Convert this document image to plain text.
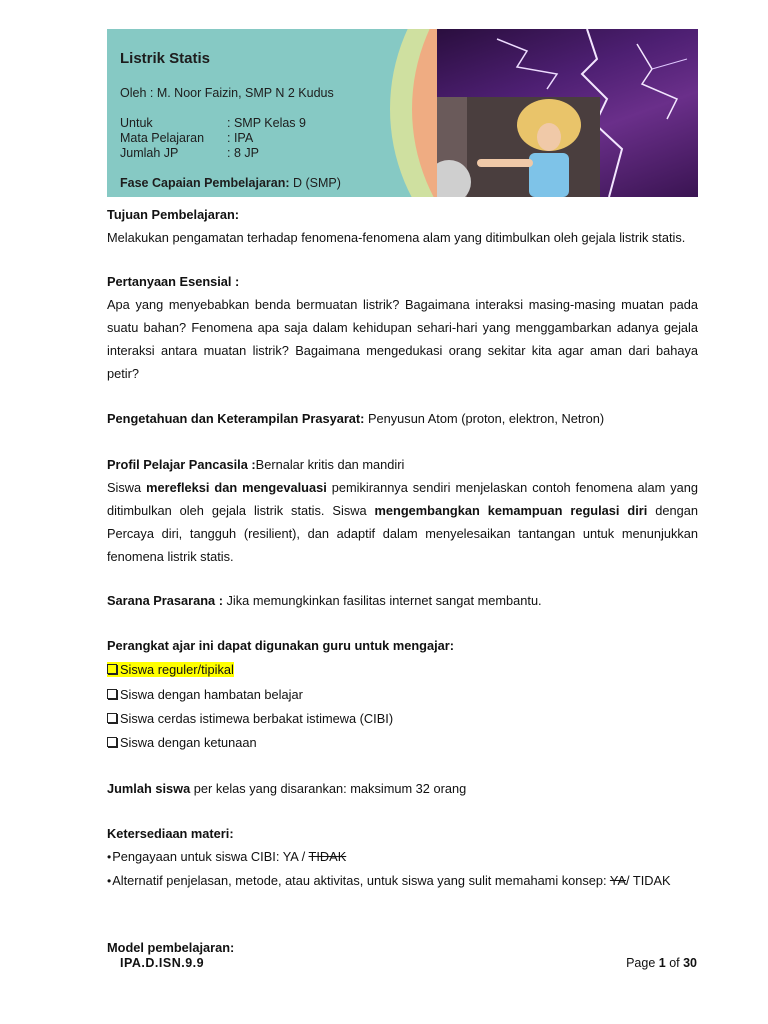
Listrik Statis
Oleh : M. Noor Faizin, SMP N 2 Kudus
Untuk	: SMP Kelas 9
Mata Pelajaran : IPA
Jumlah JP	: 8 JP
Fase Capaian Pembelajaran: D (SMP)
Tujuan Pembelajaran:
Melakukan pengamatan terhadap fenomena-fenomena alam yang ditimbulkan oleh gejala listrik statis.
Pertanyaan Esensial :
Apa yang menyebabkan benda bermuatan listrik? Bagaimana interaksi masing-masing muatan pada suatu bahan? Fenomena apa saja dalam kehidupan sehari-hari yang menggambarkan adanya gejala interaksi antara muatan listrik? Bagaimana mengedukasi orang sekitar kita agar aman dari bahaya petir?
Pengetahuan dan Keterampilan Prasyarat: Penyusun Atom (proton, elektron, Netron)
Profil Pelajar Pancasila :Bernalar kritis dan mandiri
Siswa merefleksi dan mengevaluasi pemikirannya sendiri menjelaskan contoh fenomena alam yang ditimbulkan oleh gejala listrik statis. Siswa mengembangkan kemampuan regulasi diri dengan Percaya diri, tangguh (resilient), dan adaptif dalam menyelesaikan tantangan untuk menunjukkan fenomena listrik statis.
Sarana Prasarana : Jika memungkinkan fasilitas internet sangat membantu.
Perangkat ajar ini dapat digunakan guru untuk mengajar:
Siswa reguler/tipikal
Siswa dengan hambatan belajar
Siswa cerdas istimewa berbakat istimewa (CIBI)
Siswa dengan ketunaan
Jumlah siswa per kelas yang disarankan: maksimum 32 orang
Ketersediaan materi:
•Pengayaan untuk siswa CIBI: YA / TIDAK
•Alternatif penjelasan, metode, atau aktivitas, untuk siswa yang sulit memahami konsep: YA/ TIDAK
Model pembelajaran:
IPA.D.ISN.9.9	Page 1 of 30
